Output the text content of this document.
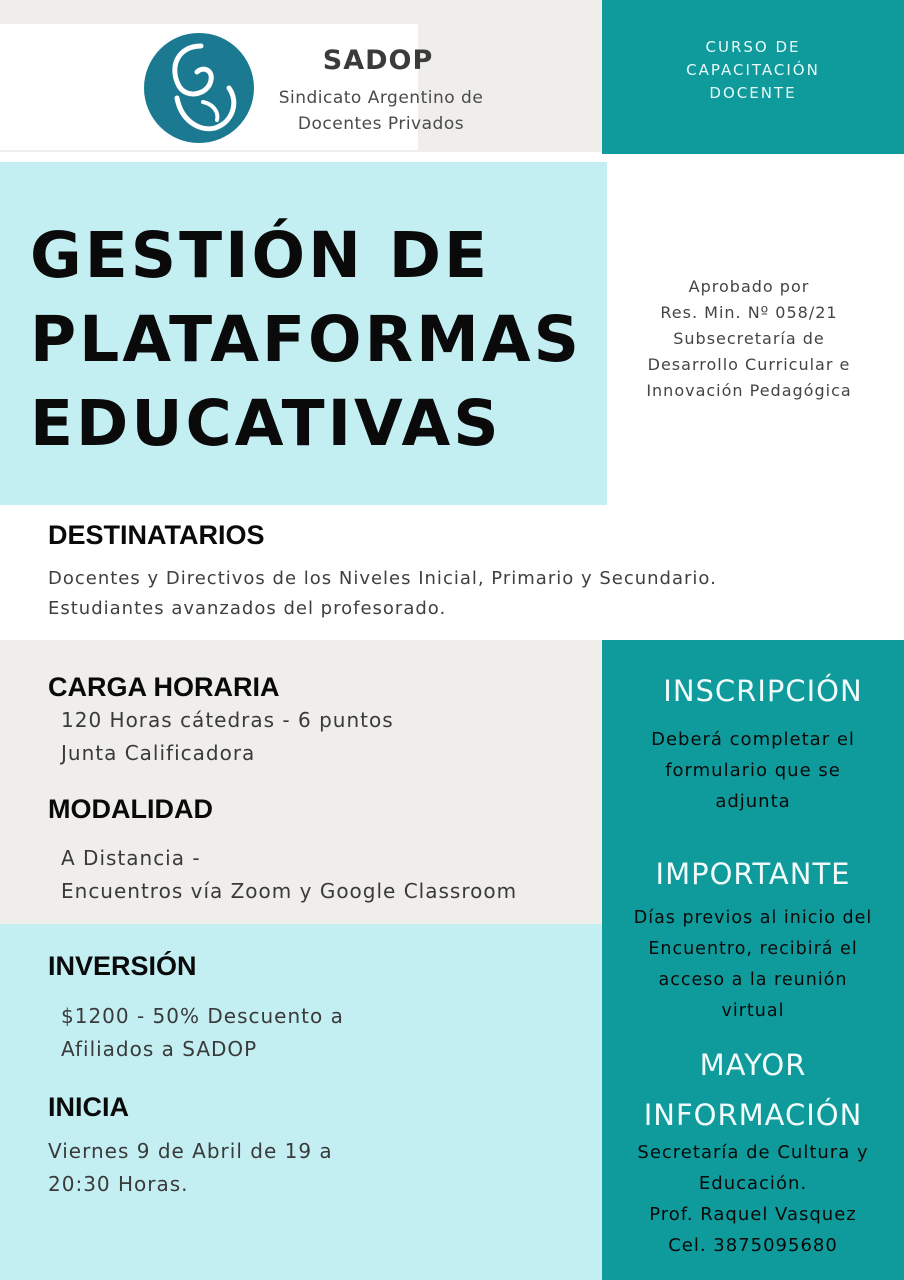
SADOP
Sindicato Argentino de
Docentes Privados
CURSO DE
CAPACITACIÓN
DOCENTE
GESTIÓN DE
PLATAFORMAS
EDUCATIVAS
Aprobado por
Res. Min. Nº 058/21
Subsecretaría de
Desarrollo Curricular e
Innovación Pedagógica
DESTINATARIOS
Docentes y Directivos de los Niveles Inicial, Primario y Secundario.
Estudiantes avanzados del profesorado.
CARGA HORARIA
120 Horas cátedras - 6 puntos
Junta Calificadora
MODALIDAD
A Distancia -
Encuentros vía Zoom y Google Classroom
INVERSIÓN
$1200 - 50% Descuento a
Afiliados a SADOP
INICIA
Viernes 9 de Abril de 19 a
20:30 Horas.
INSCRIPCIÓN
Deberá completar el
formulario que se
adjunta
IMPORTANTE
Días previos al inicio del
Encuentro, recibirá el
acceso a la reunión
virtual
MAYOR
INFORMACIÓN
Secretaría de Cultura y
Educación.
Prof. Raquel Vasquez
Cel. 3875095680
